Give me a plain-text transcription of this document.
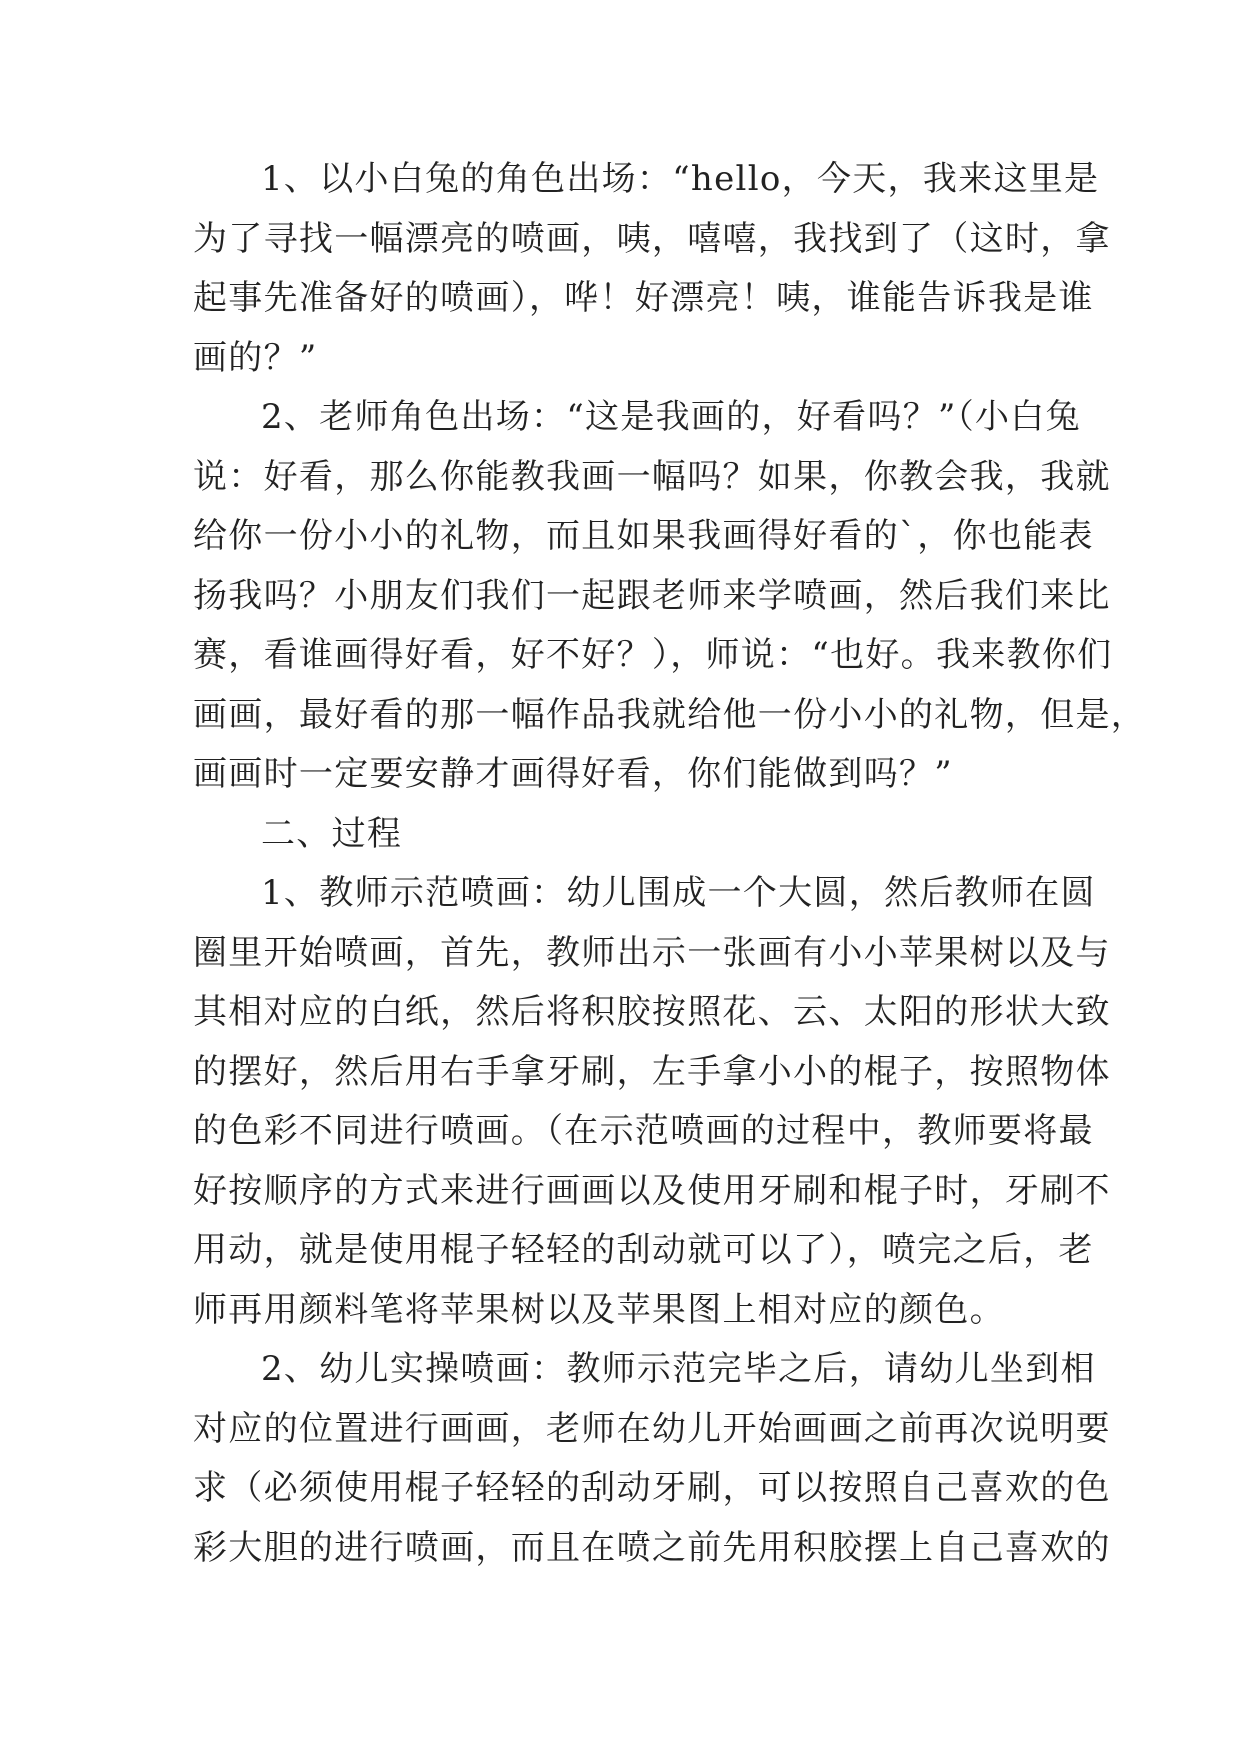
1、以小白兔的角色出场：“hello，今天，我来这里是
为了寻找一幅漂亮的喷画，咦，嘻嘻，我找到了（这时，拿
起事先准备好的喷画），哗！好漂亮！咦，谁能告诉我是谁
画的？”

2、老师角色出场：“这是我画的，好看吗？”（小白兔
说：好看，那么你能教我画一幅吗？如果，你教会我，我就
给你一份小小的礼物，而且如果我画得好看的`，你也能表
扬我吗？小朋友们我们一起跟老师来学喷画，然后我们来比
赛，看谁画得好看，好不好？），师说：“也好。我来教你们
画画，最好看的那一幅作品我就给他一份小小的礼物，但是，
画画时一定要安静才画得好看，你们能做到吗？”

二、过程

1、教师示范喷画：幼儿围成一个大圆，然后教师在圆
圈里开始喷画，首先，教师出示一张画有小小苹果树以及与
其相对应的白纸，然后将积胶按照花、云、太阳的形状大致
的摆好，然后用右手拿牙刷，左手拿小小的棍子，按照物体
的色彩不同进行喷画。（在示范喷画的过程中，教师要将最
好按顺序的方式来进行画画以及使用牙刷和棍子时，牙刷不
用动，就是使用棍子轻轻的刮动就可以了），喷完之后，老
师再用颜料笔将苹果树以及苹果图上相对应的颜色。

2、幼儿实操喷画：教师示范完毕之后，请幼儿坐到相
对应的位置进行画画，老师在幼儿开始画画之前再次说明要
求（必须使用棍子轻轻的刮动牙刷，可以按照自己喜欢的色
彩大胆的进行喷画，而且在喷之前先用积胶摆上自己喜欢的
